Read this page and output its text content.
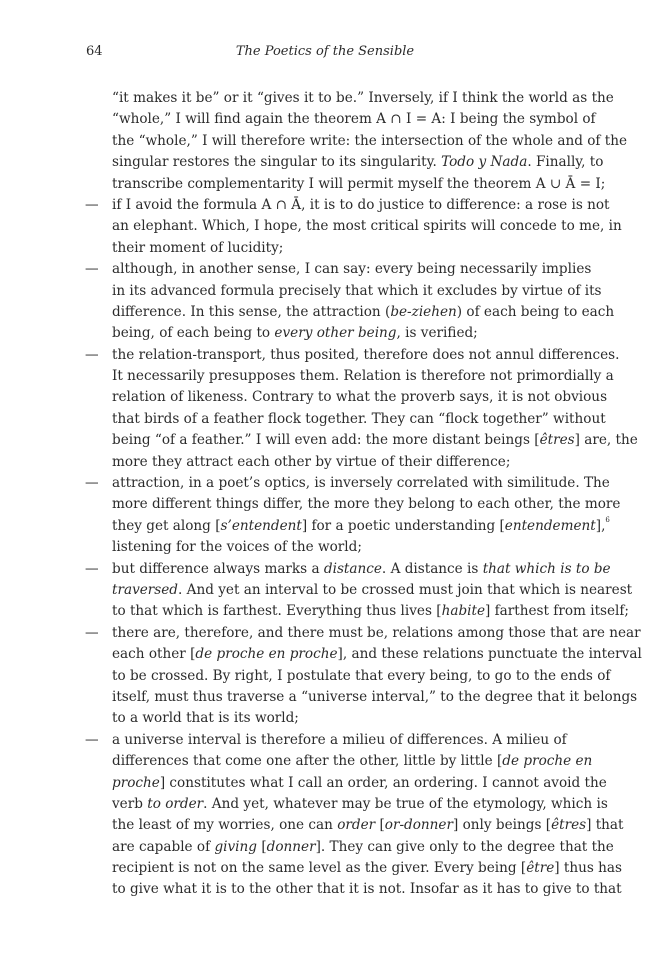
64	The Poetics of the Sensible
“it makes it be” or it “gives it to be.” Inversely, if I think the world as the
“whole,” I will find again the theorem A ∩ I = A: I being the symbol of
the “whole,” I will therefore write: the intersection of the whole and of the
singular restores the singular to its singularity. Todo y Nada. Finally, to
transcribe complementarity I will permit myself the theorem A ∪ Ā = I;
— if I avoid the formula A ∩ Ā, it is to do justice to difference: a rose is not
an elephant. Which, I hope, the most critical spirits will concede to me, in
their moment of lucidity;
— although, in another sense, I can say: every being necessarily implies
in its advanced formula precisely that which it excludes by virtue of its
difference. In this sense, the attraction (be-ziehen) of each being to each
being, of each being to every other being, is verified;
— the relation-transport, thus posited, therefore does not annul differences.
It necessarily presupposes them. Relation is therefore not primordially a
relation of likeness. Contrary to what the proverb says, it is not obvious
that birds of a feather flock together. They can “flock together” without
being “of a feather.” I will even add: the more distant beings [êtres] are, the
more they attract each other by virtue of their difference;
— attraction, in a poet’s optics, is inversely correlated with similitude. The
more different things differ, the more they belong to each other, the more
they get along [s’entendent] for a poetic understanding [entendement],$^6$
listening for the voices of the world;
— but difference always marks a distance. A distance is that which is to be
traversed. And yet an interval to be crossed must join that which is nearest
to that which is farthest. Everything thus lives [habite] farthest from itself;
— there are, therefore, and there must be, relations among those that are near
each other [de proche en proche], and these relations punctuate the interval
to be crossed. By right, I postulate that every being, to go to the ends of
itself, must thus traverse a “universe interval,” to the degree that it belongs
to a world that is its world;
— a universe interval is therefore a milieu of differences. A milieu of
differences that come one after the other, little by little [de proche en
proche] constitutes what I call an order, an ordering. I cannot avoid the
verb to order. And yet, whatever may be true of the etymology, which is
the least of my worries, one can order [or-donner] only beings [êtres] that
are capable of giving [donner]. They can give only to the degree that the
recipient is not on the same level as the giver. Every being [être] thus has
to give what it is to the other that it is not. Insofar as it has to give to that
